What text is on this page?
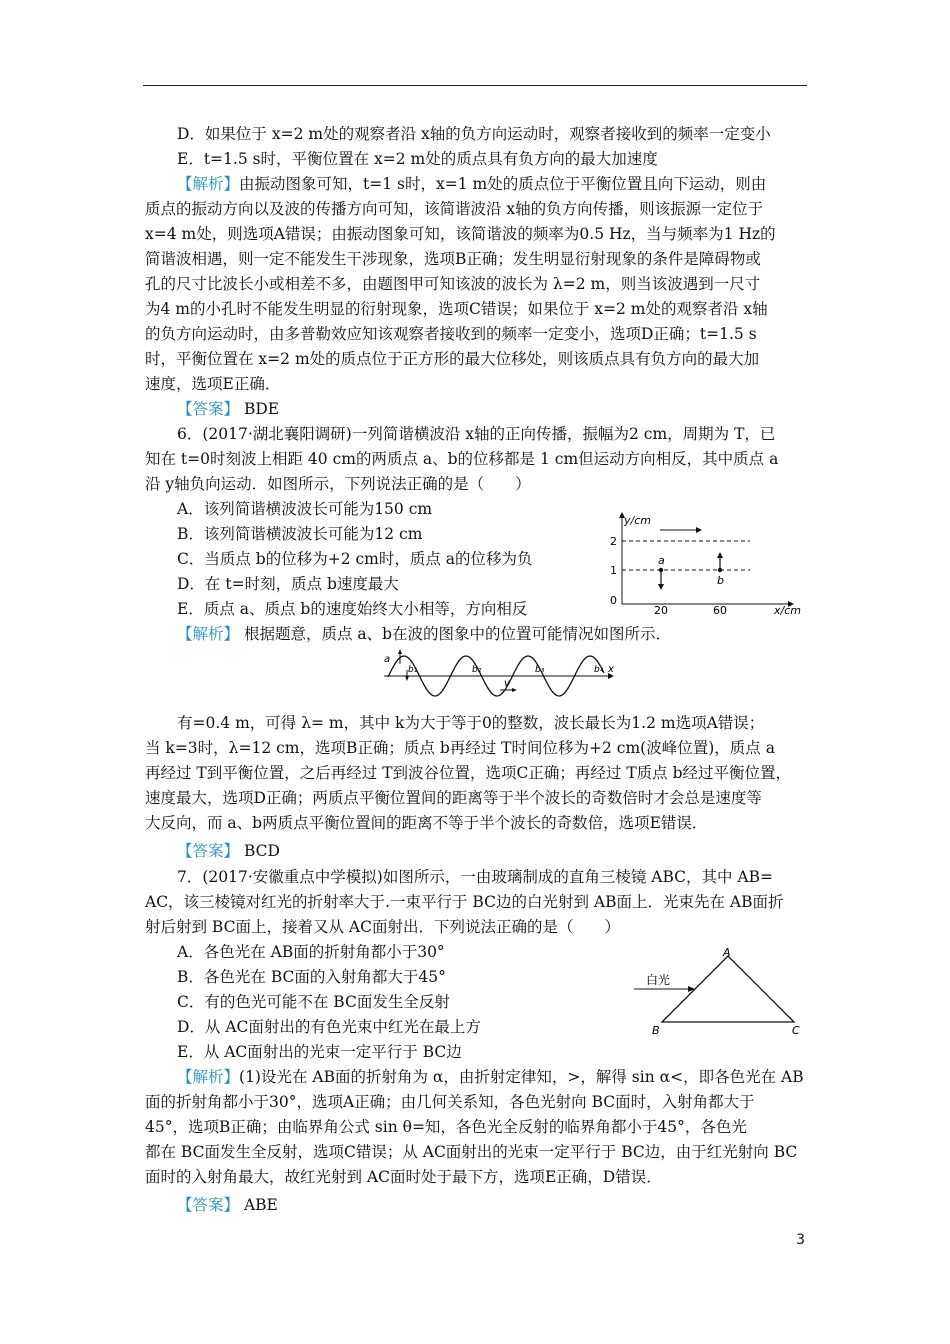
D．如果位于 x=2 m处的观察者沿 x轴的负方向运动时，观察者接收到的频率一定变小
E．t=1.5 s时，平衡位置在 x=2 m处的质点具有负方向的最大加速度
【解析】由振动图象可知，t=1 s时，x=1 m处的质点位于平衡位置且向下运动，则由
质点的振动方向以及波的传播方向可知，该简谐波沿 x轴的负方向传播，则该振源一定位于
x=4 m处，则选项A错误；由振动图象可知，该简谐波的频率为0.5 Hz，当与频率为1 Hz的
简谐波相遇，则一定不能发生干涉现象，选项B正确；发生明显衍射现象的条件是障碍物或
孔的尺寸比波长小或相差不多，由题图甲可知该波的波长为 λ=2 m，则当该波遇到一尺寸
为4 m的小孔时不能发生明显的衍射现象，选项C错误；如果位于 x=2 m处的观察者沿 x轴
的负方向运动时，由多普勒效应知该观察者接收到的频率一定变小，选项D正确；t=1.5 s
时，平衡位置在 x=2 m处的质点位于正方形的最大位移处，则该质点具有负方向的最大加
速度，选项E正确．
【答案】 BDE
6．(2017·湖北襄阳调研)一列简谐横波沿 x轴的正向传播，振幅为2 cm，周期为 T，已
知在 t=0时刻波上相距 40 cm的两质点 a、b的位移都是 1 cm但运动方向相反，其中质点 a
沿 y轴负向运动．如图所示，下列说法正确的是（　　）
A．该列简谐横波波长可能为150 cm
B．该列简谐横波波长可能为12 cm
C．当质点 b的位移为+2 cm时，质点 a的位移为负
D．在 t=时刻，质点 b速度最大
E．质点 a、质点 b的速度始终大小相等，方向相反
【解析】 根据题意，质点 a、b在波的图象中的位置可能情况如图所示．
有=0.4 m，可得 λ= m，其中 k为大于等于0的整数，波长最长为1.2 m选项A错误；
当 k=3时，λ=12 cm，选项B正确；质点 b再经过 T时间位移为+2 cm(波峰位置)，质点 a
再经过 T到平衡位置，之后再经过 T到波谷位置，选项C正确；再经过 T质点 b经过平衡位置，
速度最大，选项D正确；两质点平衡位置间的距离等于半个波长的奇数倍时才会总是速度等
大反向，而 a、b两质点平衡位置间的距离不等于半个波长的奇数倍，选项E错误．
【答案】 BCD
7．(2017·安徽重点中学模拟)如图所示，一由玻璃制成的直角三棱镜 ABC，其中 AB=
AC，该三棱镜对红光的折射率大于.一束平行于 BC边的白光射到 AB面上．光束先在 AB面折
射后射到 BC面上，接着又从 AC面射出．下列说法正确的是（　　）
A．各色光在 AB面的折射角都小于30°
B．各色光在 BC面的入射角都大于45°
C．有的色光可能不在 BC面发生全反射
D．从 AC面射出的有色光束中红光在最上方
E．从 AC面射出的光束一定平行于 BC边
【解析】(1)设光在 AB面的折射角为 α，由折射定律知，>，解得 sin α<，即各色光在 AB
面的折射角都小于30°，选项A正确；由几何关系知，各色光射向 BC面时，入射角都大于
45°，选项B正确；由临界角公式 sin θ=知，各色光全反射的临界角都小于45°，各色光
都在 BC面发生全反射，选项C错误；从 AC面射出的光束一定平行于 BC边，由于红光射向 BC
面时的入射角最大，故红光射到 AC面时处于最下方，选项E正确，D错误．
【答案】 ABE
y/cm
x/cm
2
1
0
20	60
a
b
a
x
v
b₁	b₂	b₃	b₄
A
B	C
白光
3
